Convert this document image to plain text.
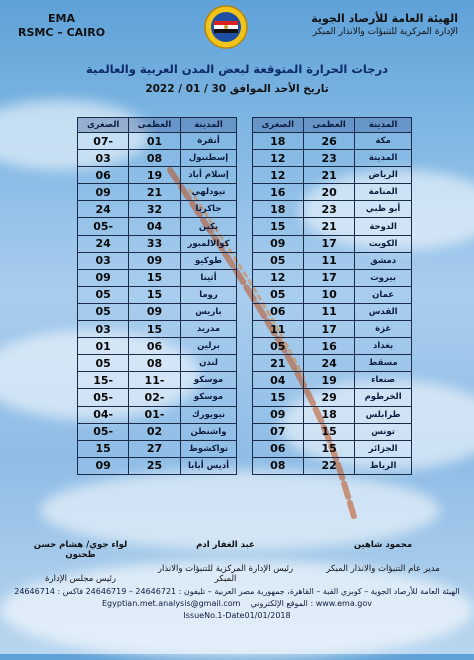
EMA
RSMC – CAIRO
الهيئة العامة للأرصاد الجوية
الإدارة المركزية للتنبؤات والانذار المبكر
درجات الحرارة المتوقعة لبعض المدن العربية والعالمية
تاريخ الأحد الموافق 30 / 01 / 2022
المدينة	العظمى	الصغرى		المدينة	العظمى	الصغرى
مكة	26	18		أنقرة	01	-07
المدينة	23	12		إسطنبول	08	03
الرياض	21	12		إسلام أباد	19	06
المنامة	20	16		نيودلهي	21	09
أبو ظبي	23	18		جاكرتا	32	24
الدوحة	21	15		بكين	04	-05
الكويت	17	09		كوالالمبور	33	24
دمشق	11	05		طوكيو	09	03
بيروت	17	12		أثينا	15	09
عمان	10	05		روما	15	05
القدس	11	06		باريس	09	05
غزة	17	11		مدريد	15	03
بغداد	16	05		برلين	06	01
مسقط	24	21		لندن	08	05
صنعاء	19	04		موسكو	-11	-15
الخرطوم	29	15		موسكو	-02	-05
طرابلس	18	09		نيويورك	-01	-04
تونس	15	07		واشنطن	02	-05
الجزائر	15	06		نواكشوط	27	15
الرباط	22	08		أديس أبابا	25	09
محمود شاهين
مدير عام التنبؤات والانذار المبكر
عبد الغفار ادم
رئيس الإدارة المركزية للتنبؤات والانذار المبكر
لواء جوي/ هشام حسن طحنون
رئيس مجلس الإدارة
الهيئة العامة للأرصاد الجوية – كوبري القبة – القاهرة، جمهورية مصر العربية – تليفون : 24646721 – 24646719 فاكس : 24646714
Egyptian.met.analysis@gmail.com الموقع الإلكتروني : www.ema.gov
IssueNo.1-Date01/01/2018
